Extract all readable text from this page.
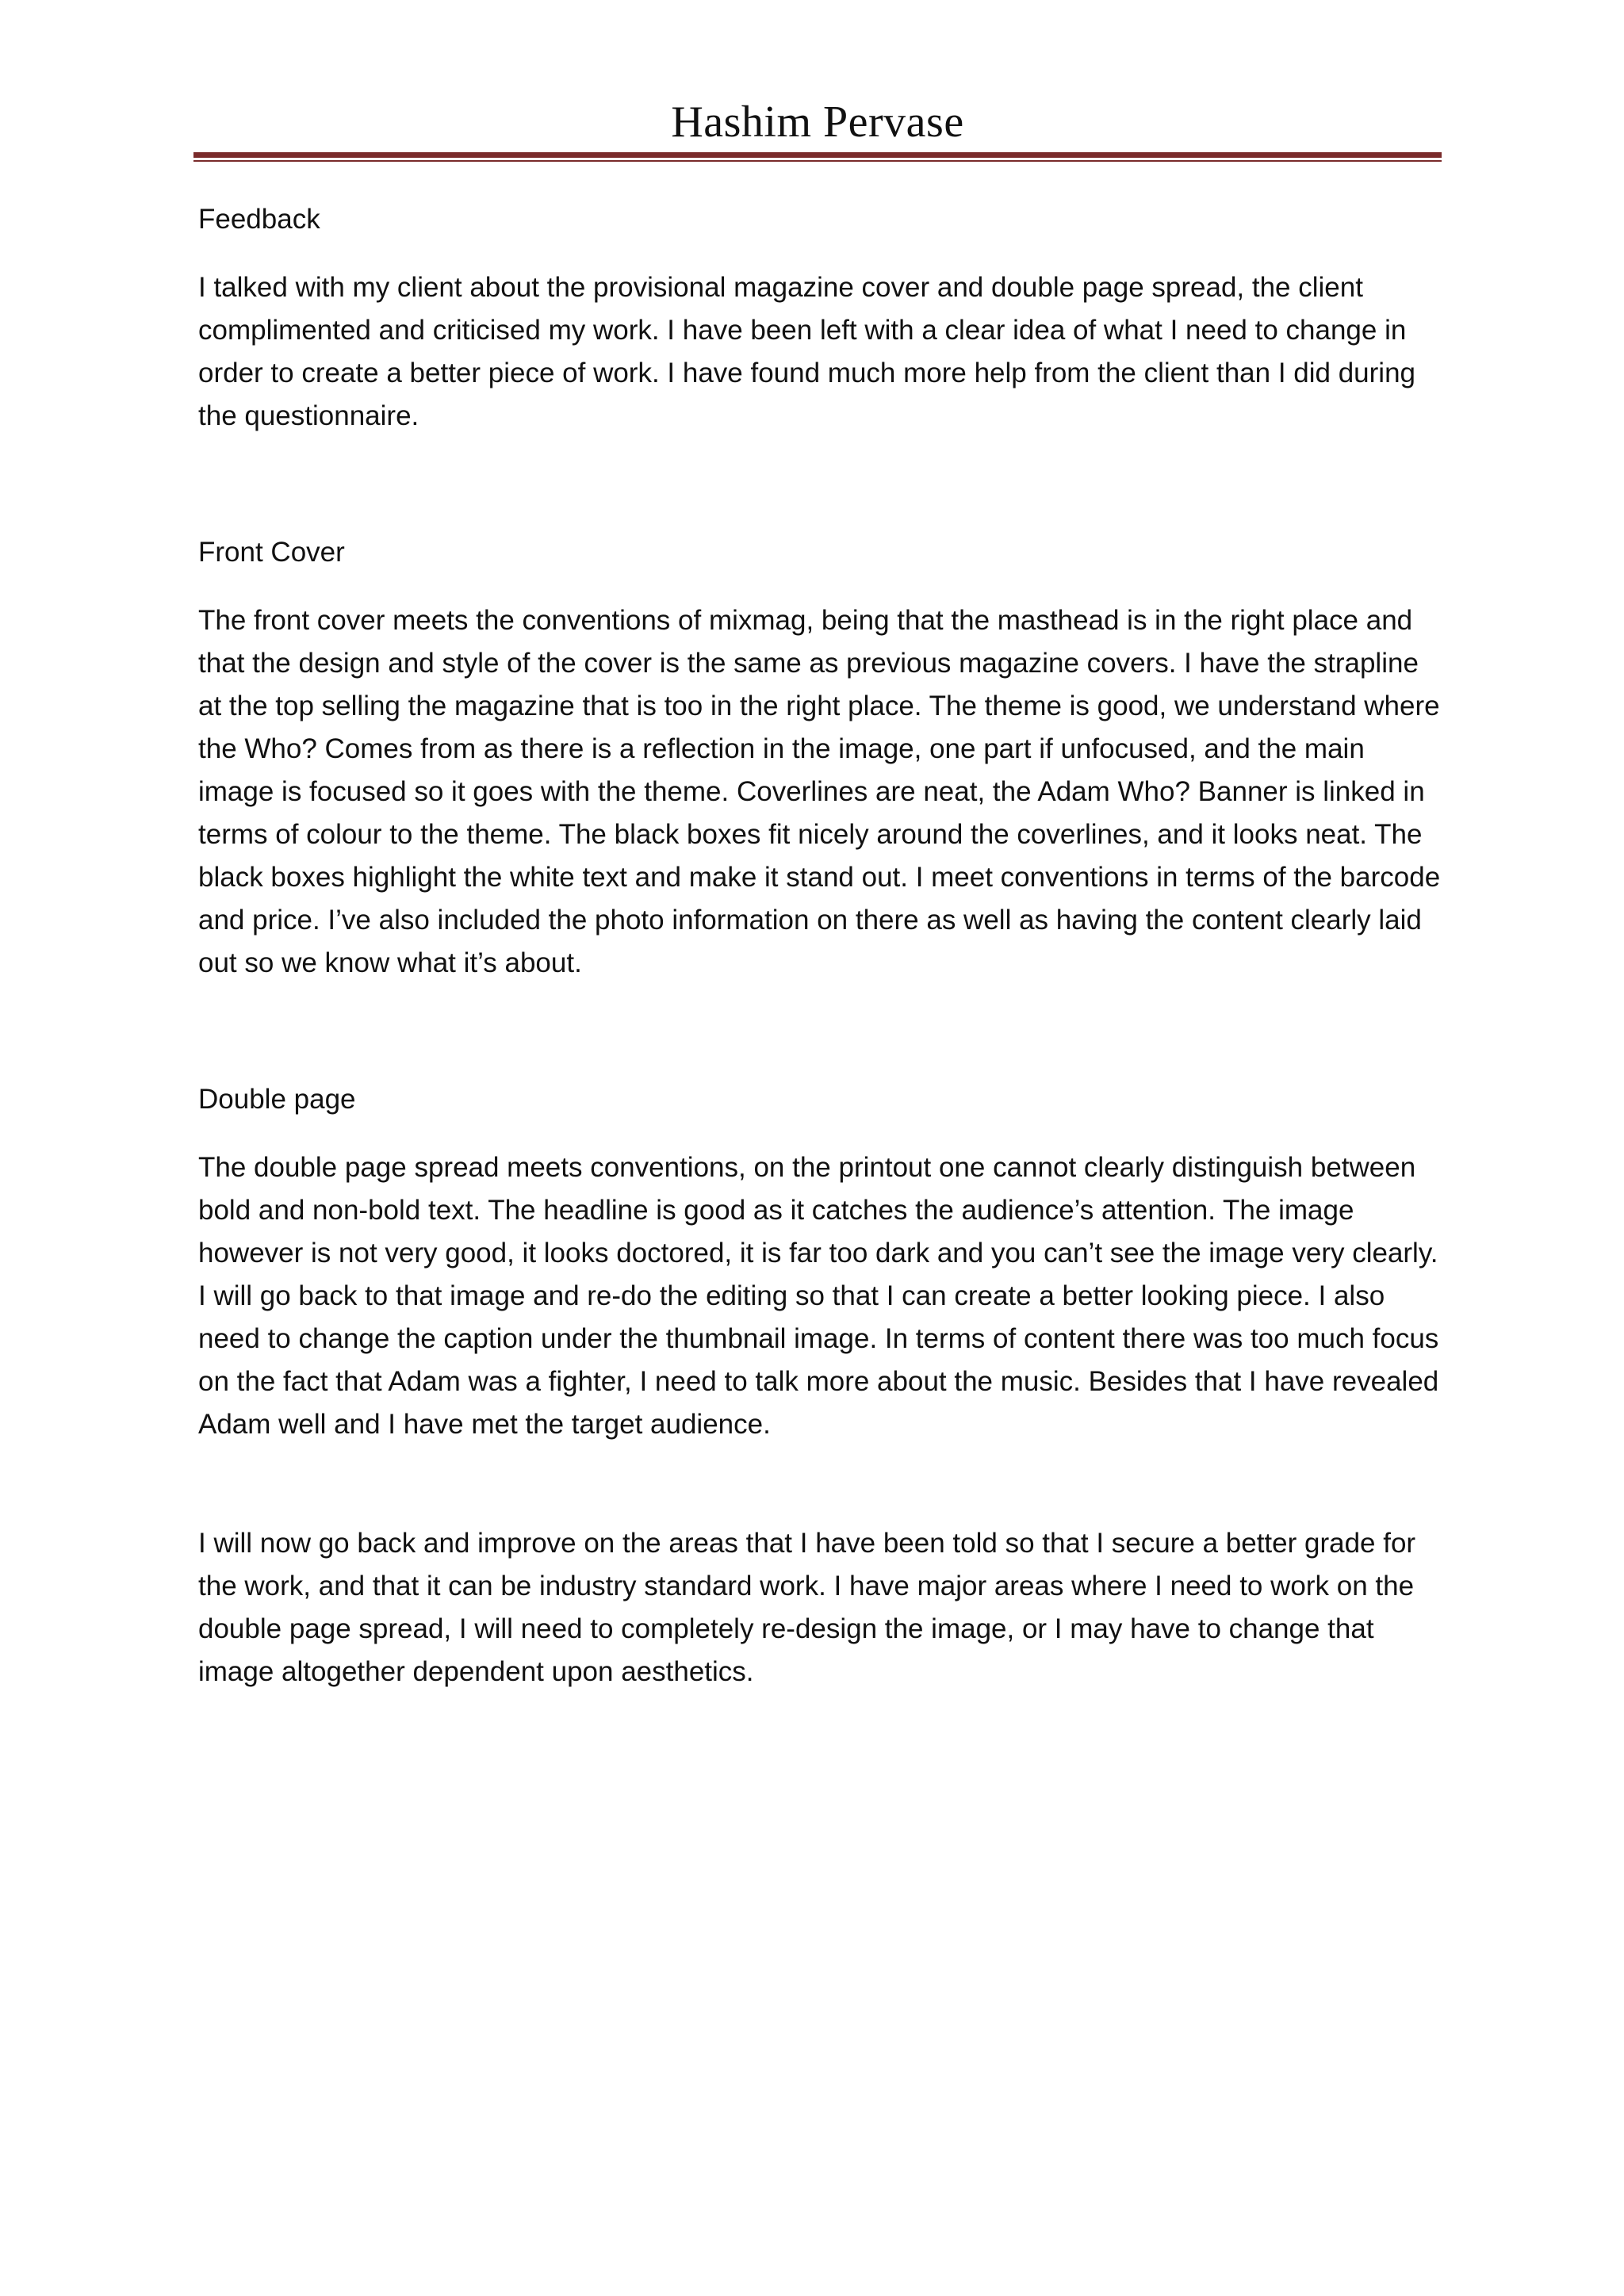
Hashim Pervase

Feedback

I talked with my client about the provisional magazine cover and double page spread, the client complimented and criticised my work. I have been left with a clear idea of what I need to change in order to create a better piece of work. I have found much more help from the client than I did during the questionnaire.

Front Cover

The front cover meets the conventions of mixmag, being that the masthead is in the right place and that the design and style of the cover is the same as previous magazine covers. I have the strapline at the top selling the magazine that is too in the right place. The theme is good, we understand where the Who? Comes from as there is a reflection in the image, one part if unfocused, and the main image is focused so it goes with the theme. Coverlines are neat, the Adam Who? Banner is linked in terms of colour to the theme. The black boxes fit nicely around the coverlines, and it looks neat. The black boxes highlight the white text and make it stand out. I meet conventions in terms of the barcode and price. I’ve also included the photo information on there as well as having the content clearly laid out so we know what it’s about.

Double page

The double page spread meets conventions, on the printout one cannot clearly distinguish between bold and non-bold text. The headline is good as it catches the audience’s attention. The image however is not very good, it looks doctored, it is far too dark and you can’t see the image very clearly. I will go back to that image and re-do the editing so that I can create a better looking piece. I also need to change the caption under the thumbnail image. In terms of content there was too much focus on the fact that Adam was a fighter, I need to talk more about the music. Besides that I have revealed Adam well and I have met the target audience.

I will now go back and improve on the areas that I have been told so that I secure a better grade for the work, and that it can be industry standard work. I have major areas where I need to work on the double page spread, I will need to completely re-design the image, or I may have to change that image altogether dependent upon aesthetics.
